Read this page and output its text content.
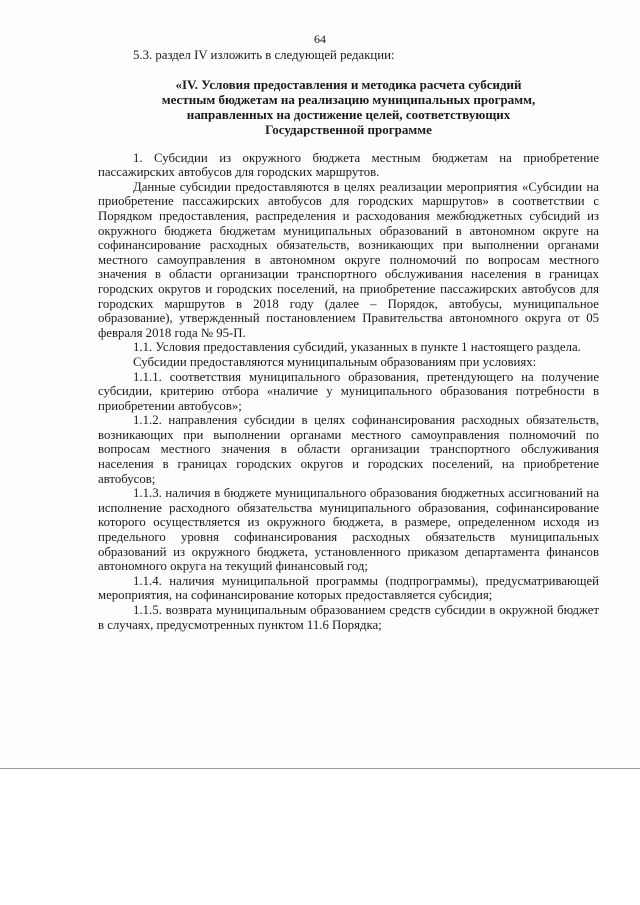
64

5.3. раздел IV изложить в следующей редакции:

«IV. Условия предоставления и методика расчета субсидий
местным бюджетам на реализацию муниципальных программ,
направленных на достижение целей, соответствующих
Государственной программе

1. Субсидии из окружного бюджета местным бюджетам на приобретение пассажирских автобусов для городских маршрутов.

Данные субсидии предоставляются в целях реализации мероприятия «Субсидии на приобретение пассажирских автобусов для городских маршрутов» в соответствии с Порядком предоставления, распределения и расходования межбюджетных субсидий из окружного бюджета бюджетам муниципальных образований в автономном округе на софинансирование расходных обязательств, возникающих при выполнении органами местного самоуправления в автономном округе полномочий по вопросам местного значения в области организации транспортного обслуживания населения в границах городских округов и городских поселений, на приобретение пассажирских автобусов для городских маршрутов в 2018 году (далее – Порядок, автобусы, муниципальное образование), утвержденный постановлением Правительства автономного округа от 05 февраля 2018 года № 95-П.

1.1. Условия предоставления субсидий, указанных в пункте 1 настоящего раздела.

Субсидии предоставляются муниципальным образованиям при условиях:

1.1.1. соответствия муниципального образования, претендующего на получение субсидии, критерию отбора «наличие у муниципального образования потребности в приобретении автобусов»;

1.1.2. направления субсидии в целях софинансирования расходных обязательств, возникающих при выполнении органами местного самоуправления полномочий по вопросам местного значения в области организации транспортного обслуживания населения в границах городских округов и городских поселений, на приобретение автобусов;

1.1.3. наличия в бюджете муниципального образования бюджетных ассигнований на исполнение расходного обязательства муниципального образования, софинансирование которого осуществляется из окружного бюджета, в размере, определенном исходя из предельного уровня софинансирования расходных обязательств муниципальных образований из окружного бюджета, установленного приказом департамента финансов автономного округа на текущий финансовый год;

1.1.4. наличия муниципальной программы (подпрограммы), предусматривающей мероприятия, на софинансирование которых предоставляется субсидия;

1.1.5. возврата муниципальным образованием средств субсидии в окружной бюджет в случаях, предусмотренных пунктом 11.6 Порядка;
